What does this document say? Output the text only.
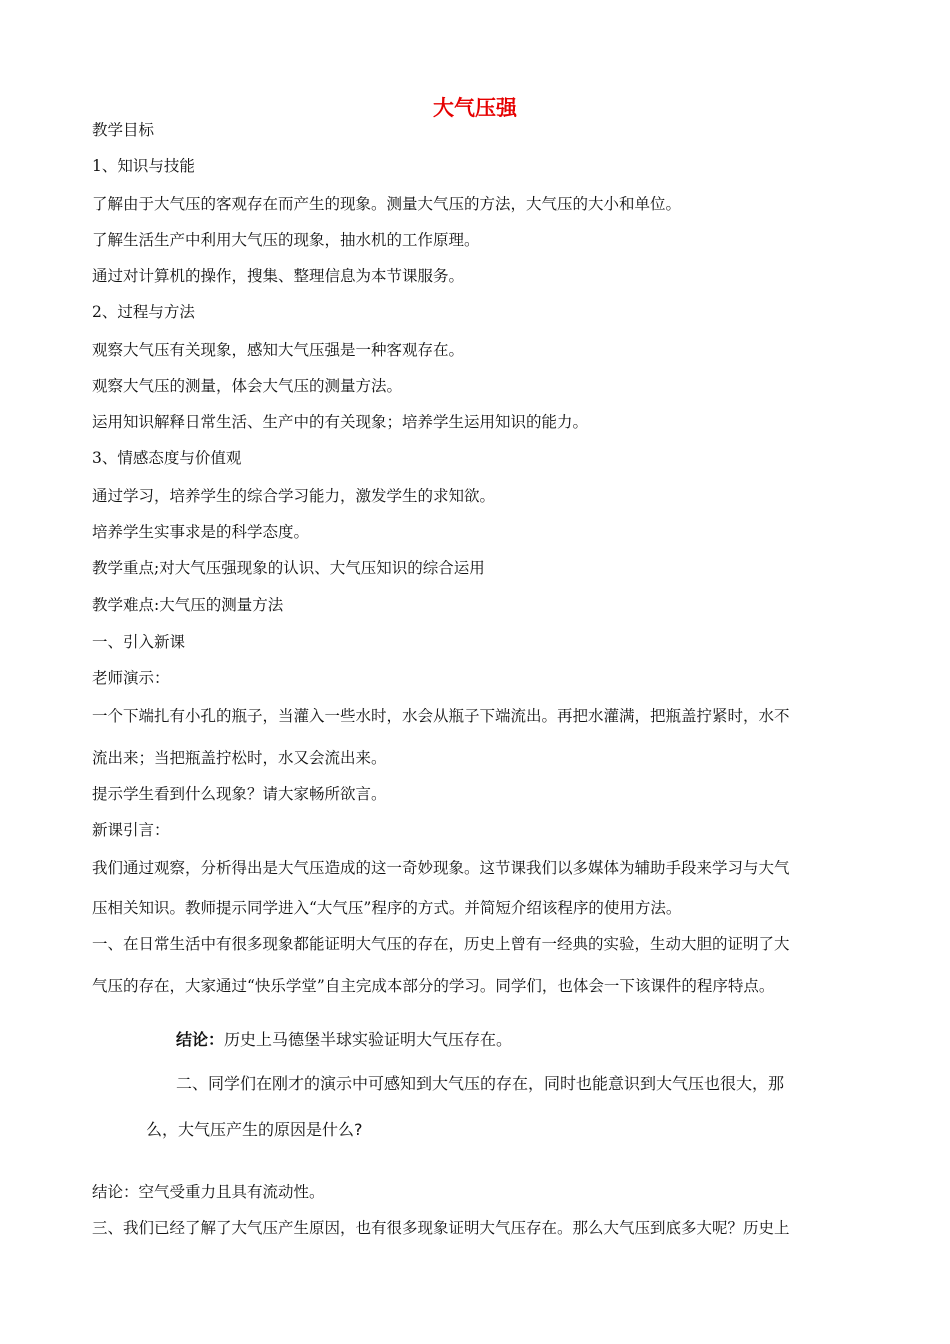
大气压强
教学目标
1、知识与技能
了解由于大气压的客观存在而产生的现象。测量大气压的方法，大气压的大小和单位。
了解生活生产中利用大气压的现象，抽水机的工作原理。
通过对计算机的操作，搜集、整理信息为本节课服务。
2、过程与方法
观察大气压有关现象，感知大气压强是一种客观存在。
观察大气压的测量，体会大气压的测量方法。
运用知识解释日常生活、生产中的有关现象；培养学生运用知识的能力。
3、情感态度与价值观
通过学习，培养学生的综合学习能力，激发学生的求知欲。
培养学生实事求是的科学态度。
教学重点;对大气压强现象的认识、大气压知识的综合运用
教学难点:大气压的测量方法
一、引入新课
老师演示：
一个下端扎有小孔的瓶子，当灌入一些水时，水会从瓶子下端流出。再把水灌满，把瓶盖拧紧时，水不
流出来；当把瓶盖拧松时，水又会流出来。
提示学生看到什么现象？请大家畅所欲言。
新课引言：
我们通过观察，分析得出是大气压造成的这一奇妙现象。这节课我们以多媒体为辅助手段来学习与大气
压相关知识。教师提示同学进入“大气压”程序的方式。并简短介绍该程序的使用方法。
一、在日常生活中有很多现象都能证明大气压的存在，历史上曾有一经典的实验，生动大胆的证明了大
气压的存在，大家通过“快乐学堂”自主完成本部分的学习。同学们，也体会一下该课件的程序特点。
结论：历史上马德堡半球实验证明大气压存在。
二、同学们在刚才的演示中可感知到大气压的存在，同时也能意识到大气压也很大，那
么，大气压产生的原因是什么?
结论：空气受重力且具有流动性。
三、我们已经了解了大气压产生原因，也有很多现象证明大气压存在。那么大气压到底多大呢？历史上
